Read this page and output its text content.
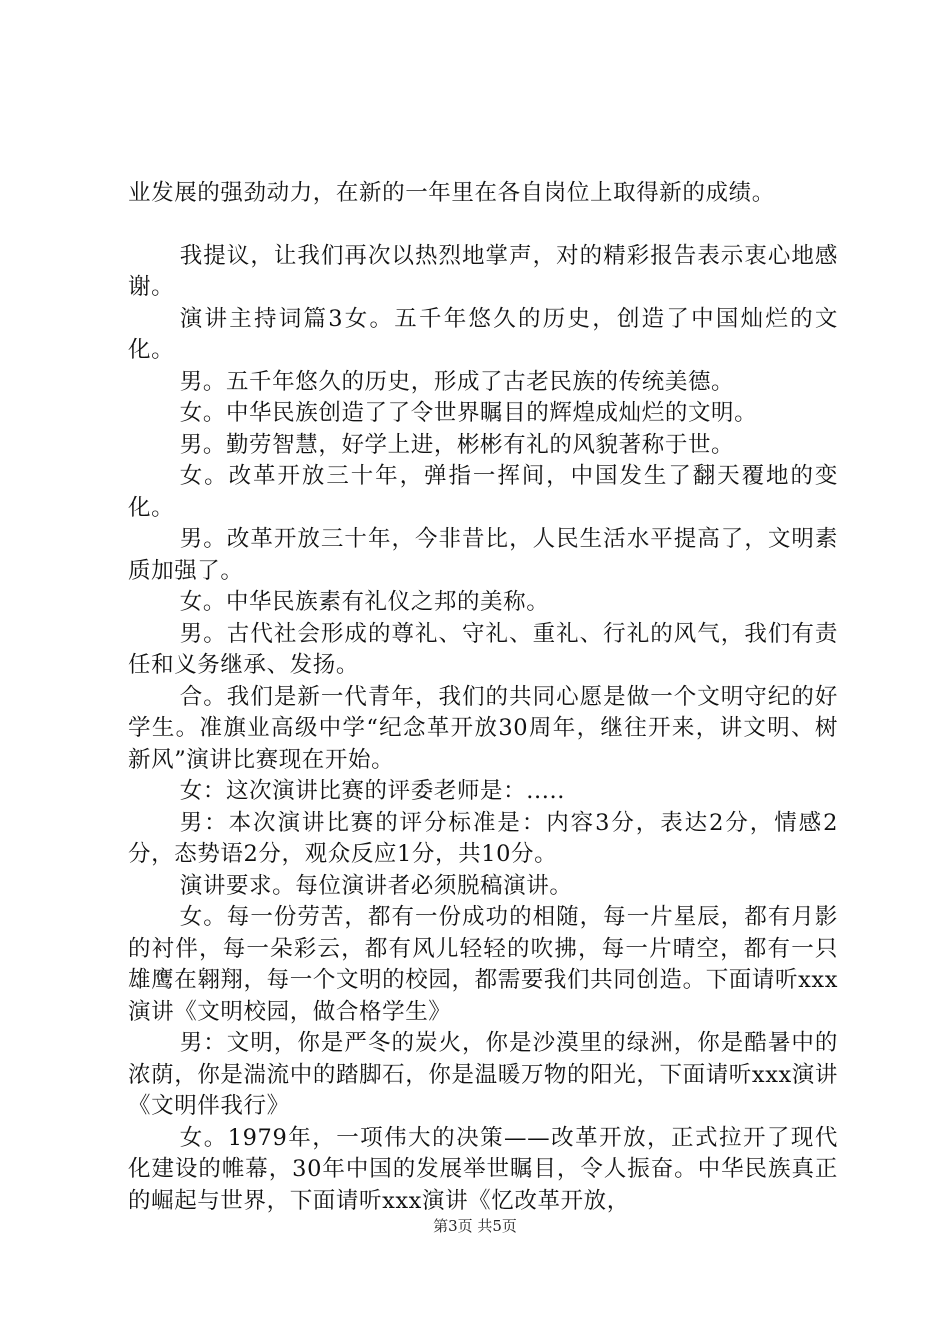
业发展的强劲动力，在新的一年里在各自岗位上取得新的成绩。

我提议，让我们再次以热烈地掌声，对的精彩报告表示衷心地感谢。

演讲主持词篇3女。五千年悠久的历史，创造了中国灿烂的文化。

男。五千年悠久的历史，形成了古老民族的传统美德。

女。中华民族创造了了令世界瞩目的辉煌成灿烂的文明。

男。勤劳智慧，好学上进，彬彬有礼的风貌著称于世。

女。改革开放三十年，弹指一挥间，中国发生了翻天覆地的变化。

男。改革开放三十年，今非昔比，人民生活水平提高了，文明素质加强了。

女。中华民族素有礼仪之邦的美称。

男。古代社会形成的尊礼、守礼、重礼、行礼的风气，我们有责任和义务继承、发扬。

合。我们是新一代青年，我们的共同心愿是做一个文明守纪的好学生。准旗业高级中学“纪念革开放30周年，继往开来，讲文明、树新风”演讲比赛现在开始。

女：这次演讲比赛的评委老师是：.....

男：本次演讲比赛的评分标准是：内容3分，表达2分，情感2分，态势语2分，观众反应1分，共10分。

演讲要求。每位演讲者必须脱稿演讲。

女。每一份劳苦，都有一份成功的相随，每一片星辰，都有月影的衬伴，每一朵彩云，都有风儿轻轻的吹拂，每一片晴空，都有一只雄鹰在翱翔，每一个文明的校园，都需要我们共同创造。下面请听xxx演讲《文明校园，做合格学生》

男：文明，你是严冬的炭火，你是沙漠里的绿洲，你是酷暑中的浓荫，你是湍流中的踏脚石，你是温暖万物的阳光，下面请听xxx演讲《文明伴我行》

女。1979年，一项伟大的决策——改革开放，正式拉开了现代化建设的帷幕，30年中国的发展举世瞩目，令人振奋。中华民族真正的崛起与世界，下面请听xxx演讲《忆改革开放，

第3页 共5页
